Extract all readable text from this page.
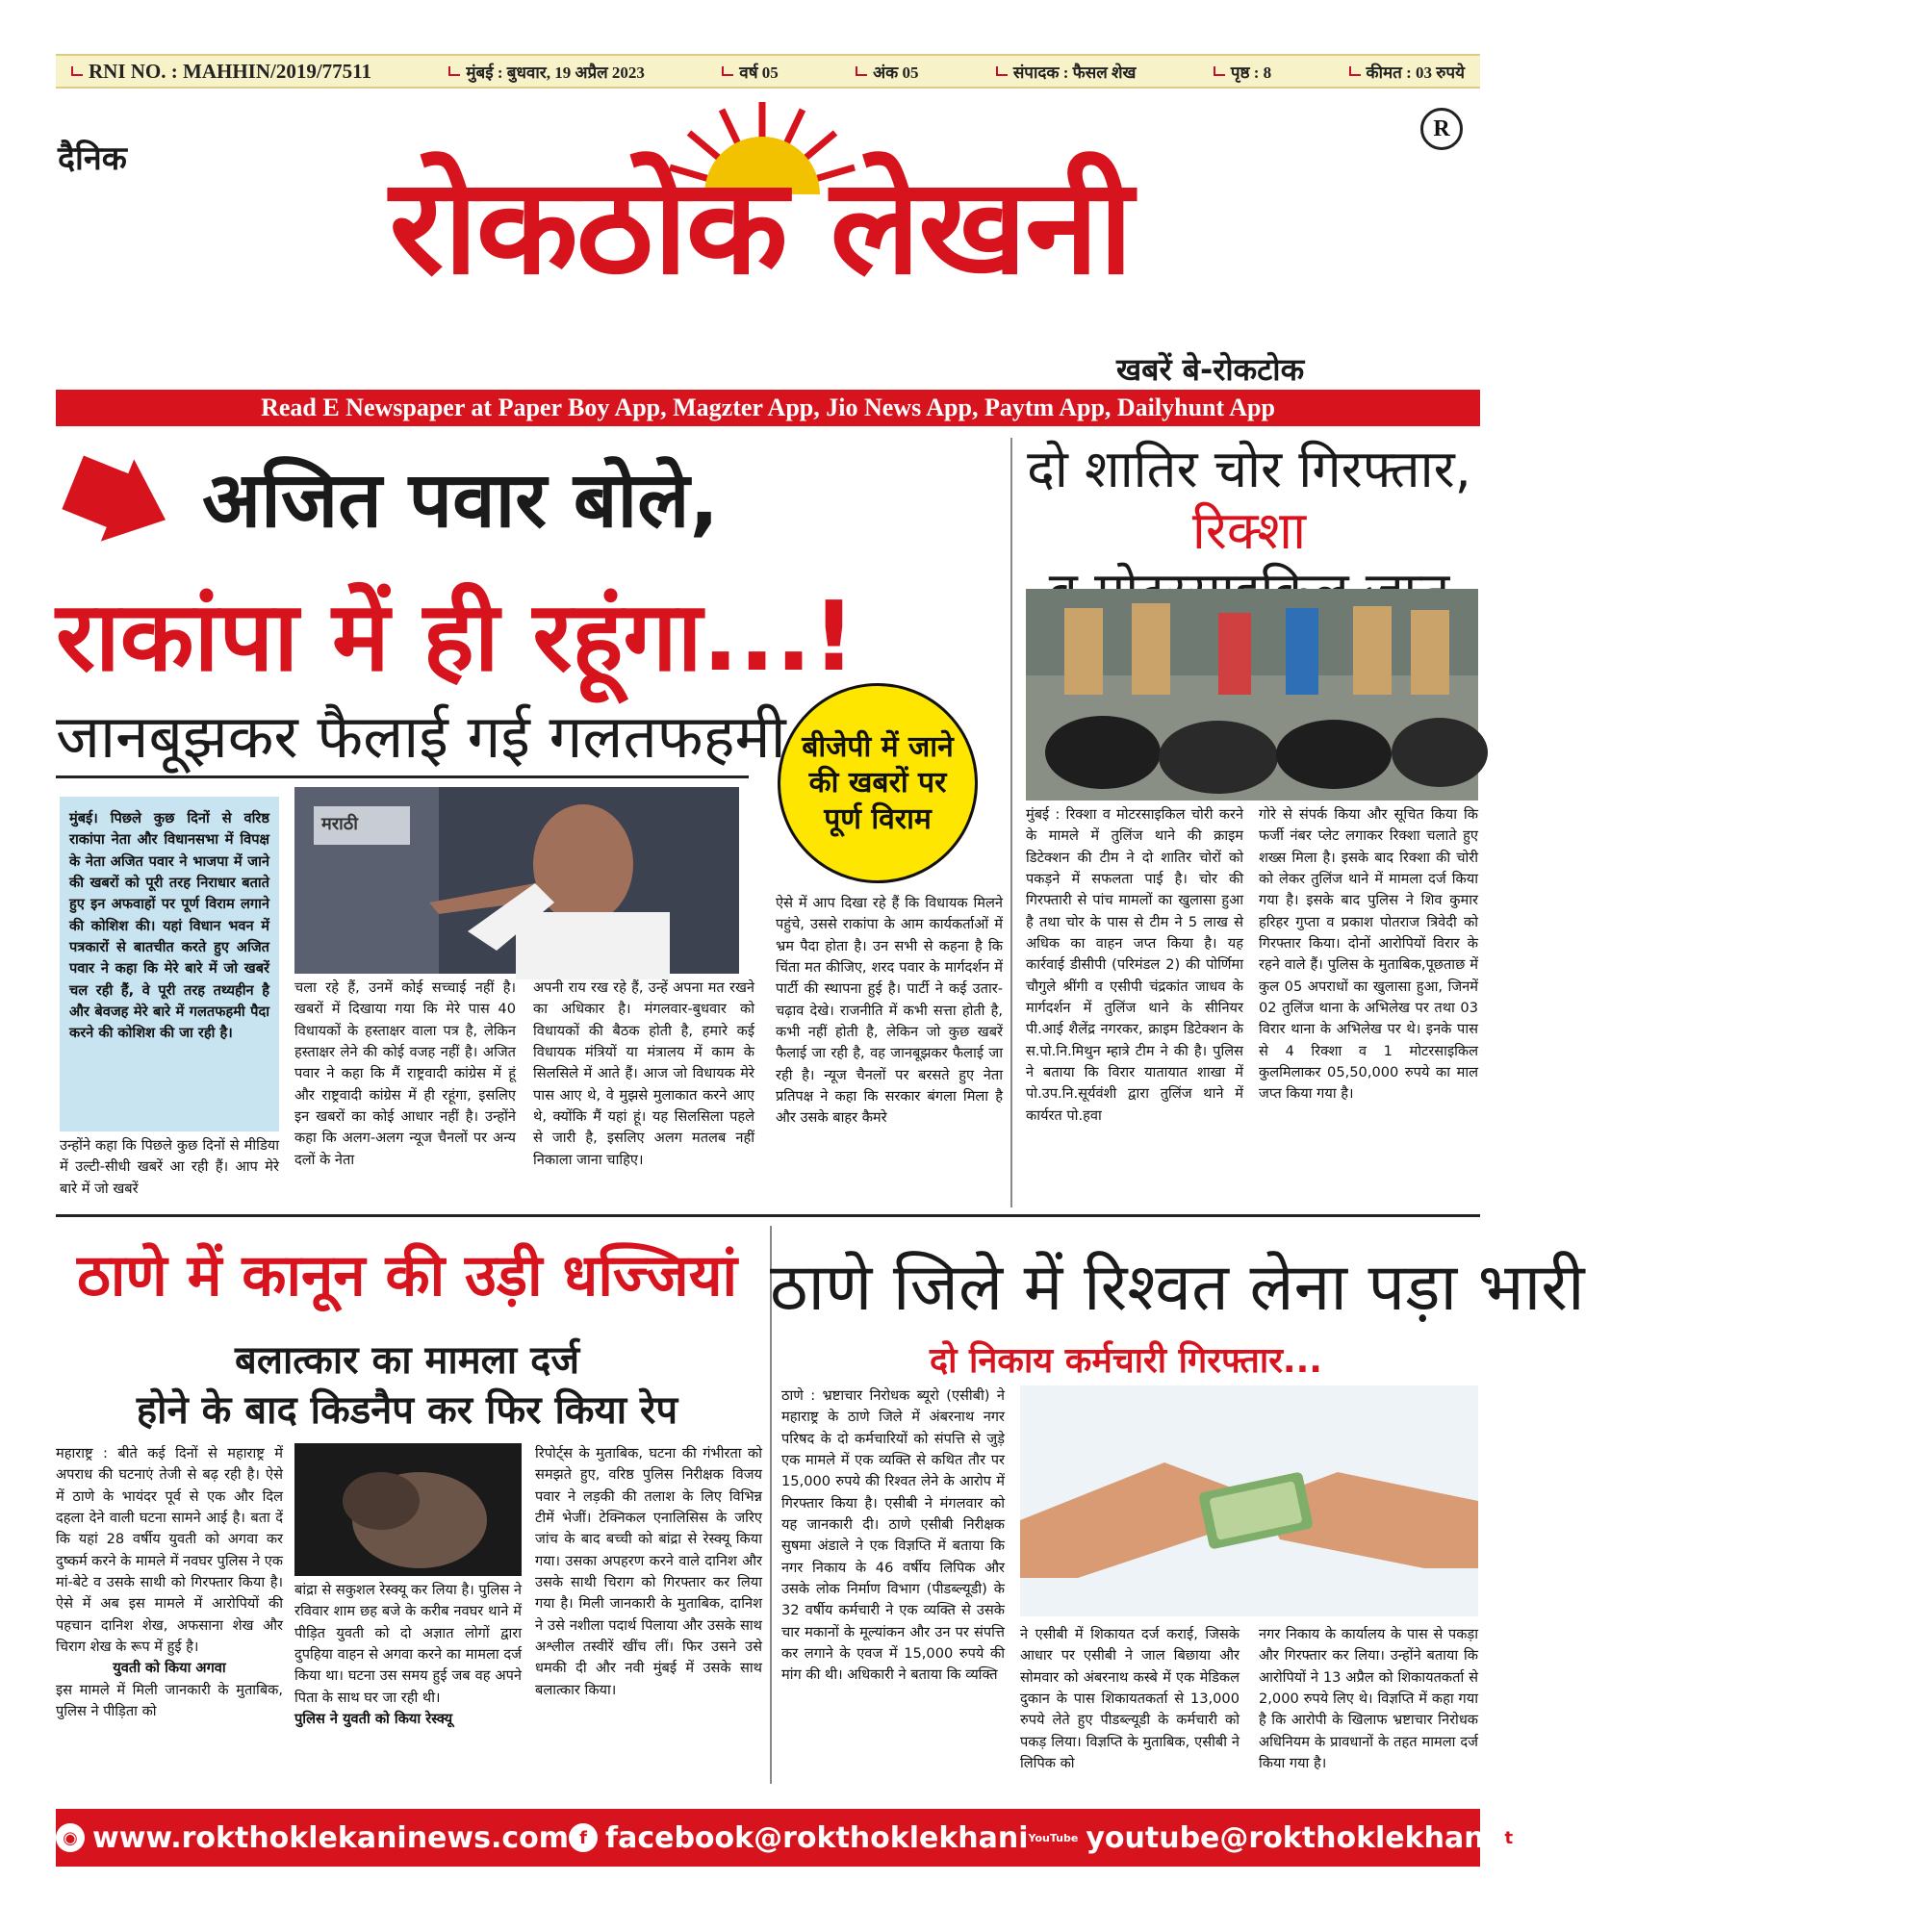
RNI NO. : MAHHIN/2019/77511	मुंबई : बुधवार, 19 अप्रैल 2023	वर्ष 05	अंक 05	संपादक : फैसल शेख	पृष्ठ : 8	कीमत : 03 रुपये
दैनिक	रोकठोक लेखनी
R
खबरें बे-रोकटोक
Read E Newspaper at Paper Boy App, Magzter App, Jio News App, Paytm App, Dailyhunt App
अजित पवार बोले,
राकांपा में ही रहूंगा...!
जानबूझकर फैलाई गई गलतफहमी बीजेपी में जाने की खबरों पर पूर्ण विराम
मुंबई। पिछले कुछ दिनों से वरिष्ठ राकांपा नेता और विधानसभा में विपक्ष के नेता अजित पवार ने भाजपा में जाने की खबरों को पूरी तरह निराधार बताते हुए इन अफवाहों पर पूर्ण विराम लगाने की कोशिश की। यहां विधान भवन में पत्रकारों से बातचीत करते हुए अजित पवार ने कहा कि मेरे बारे में जो खबरें चल रही हैं, वे पूरी तरह तथ्यहीन है और बेवजह मेरे बारे में गलतफहमी पैदा करने की कोशिश की जा रही है।
उन्होंने कहा कि पिछले कुछ दिनों से मीडिया में उल्टी-सीधी खबरें आ रही हैं। आप मेरे बारे में जो खबरें
मराठी
चला रहे हैं, उनमें कोई सच्चाई नहीं है। खबरों में दिखाया गया कि मेरे पास 40 विधायकों के हस्ताक्षर वाला पत्र है, लेकिन हस्ताक्षर लेने की कोई वजह नहीं है। अजित पवार ने कहा कि मैं राष्ट्रवादी कांग्रेस में हूं और राष्ट्रवादी कांग्रेस में ही रहूंगा, इसलिए इन खबरों का कोई आधार नहीं है। उन्होंने कहा कि अलग-अलग न्यूज चैनलों पर अन्य दलों के नेता
अपनी राय रख रहे हैं, उन्हें अपना मत रखने का अधिकार है। मंगलवार-बुधवार को विधायकों की बैठक होती है, हमारे कई विधायक मंत्रियों या मंत्रालय में काम के सिलसिले में आते हैं। आज जो विधायक मेरे पास आए थे, वे मुझसे मुलाकात करने आए थे, क्योंकि मैं यहां हूं। यह सिलसिला पहले से जारी है, इसलिए अलग मतलब नहीं निकाला जाना चाहिए।
ऐसे में आप दिखा रहे हैं कि विधायक मिलने पहुंचे, उससे राकांपा के आम कार्यकर्ताओं में भ्रम पैदा होता है। उन सभी से कहना है कि चिंता मत कीजिए, शरद पवार के मार्गदर्शन में पार्टी की स्थापना हुई है। पार्टी ने कई उतार-चढ़ाव देखे। राजनीति में कभी सत्ता होती है, कभी नहीं होती है, लेकिन जो कुछ खबरें फैलाई जा रही है, वह जानबूझकर फैलाई जा रही है। न्यूज चैनलों पर बरसते हुए नेता प्रतिपक्ष ने कहा कि सरकार बंगला मिला है और उसके बाहर कैमरे
दो शातिर चोर गिरफ्तार, रिक्शा

मुंबई : रिक्शा व मोटरसाइकिल चोरी करने के मामले में तुलिंज थाने की क्राइम डिटेक्शन की टीम ने दो शातिर चोरों को पकड़ने में सफलता पाई है। चोर की गिरफ्तारी से पांच मामलों का खुलासा हुआ है तथा चोर के पास से टीम ने 5 लाख से अधिक का वाहन जप्त किया है। यह कार्रवाई डीसीपी (परिमंडल 2) की पोर्णिमा चौगुले श्रींगी व एसीपी चंद्रकांत जाधव के मार्गदर्शन में तुलिंज थाने के सीनियर पी.आई शैलेंद्र नगरकर, क्राइम डिटेक्शन के स.पो.नि.मिथुन म्हात्रे टीम ने की है। पुलिस ने बताया कि विरार यातायात शाखा में पो.उप.नि.सूर्यवंशी द्वारा तुलिंज थाने में कार्यरत पो.हवा
गोरे से संपर्क किया और सूचित किया कि फर्जी नंबर प्लेट लगाकर रिक्शा चलाते हुए शख्स मिला है। इसके बाद रिक्शा की चोरी को लेकर तुलिंज थाने में मामला दर्ज किया गया है। इसके बाद पुलिस ने शिव कुमार हरिहर गुप्ता व प्रकाश पोतराज त्रिवेदी को गिरफ्तार किया। दोनों आरोपियों विरार के रहने वाले हैं। पुलिस के मुताबिक,पूछताछ में कुल 05 अपराधों का खुलासा हुआ, जिनमें 02 तुलिंज थाना के अभिलेख पर तथा 03 विरार थाना के अभिलेख पर थे। इनके पास से 4 रिक्शा व 1 मोटरसाइकिल कुलमिलाकर 05,50,000 रुपये का माल जप्त किया गया है।
ठाणे में कानून की उड़ी धज्जियां
बलात्कार का मामला दर्ज
होने के बाद किडनैप कर फिर किया रेप
महाराष्ट्र : बीते कई दिनों से महाराष्ट्र में अपराध की घटनाएं तेजी से बढ़ रही है। ऐसे में ठाणे के भायंदर पूर्व से एक और दिल दहला देने वाली घटना सामने आई है। बता दें कि यहां 28 वर्षीय युवती को अगवा कर दुष्कर्म करने के मामले में नवघर पुलिस ने एक मां-बेटे व उसके साथी को गिरफ्तार किया है। ऐसे में अब इस मामले में आरोपियों की पहचान दानिश शेख, अफसाना शेख और चिराग शेख के रूप में हुई है।
युवती को किया अगवा
इस मामले में मिली जानकारी के मुताबिक, पुलिस ने पीड़िता को
बांद्रा से सकुशल रेस्क्यू कर लिया है। पुलिस ने रविवार शाम छह बजे के करीब नवघर थाने में पीड़ित युवती को दो अज्ञात लोगों द्वारा दुपहिया वाहन से अगवा करने का मामला दर्ज किया था। घटना उस समय हुई जब वह अपने पिता के साथ घर जा रही थी।
पुलिस ने युवती को किया रेस्क्यू
रिपोर्ट्स के मुताबिक, घटना की गंभीरता को समझते हुए, वरिष्ठ पुलिस निरीक्षक विजय पवार ने लड़की की तलाश के लिए विभिन्न टीमें भेजीं। टेक्निकल एनालिसिस के जरिए जांच के बाद बच्ची को बांद्रा से रेस्क्यू किया गया। उसका अपहरण करने वाले दानिश और उसके साथी चिराग को गिरफ्तार कर लिया गया है। मिली जानकारी के मुताबिक, दानिश ने उसे नशीला पदार्थ पिलाया और उसके साथ अश्लील तस्वीरें खींच लीं। फिर उसने उसे धमकी दी और नवी मुंबई में उसके साथ बलात्कार किया।
ठाणे जिले में रिश्वत लेना पड़ा भारी
दो निकाय कर्मचारी गिरफ्तार...
ठाणे : भ्रष्टाचार निरोधक ब्यूरो (एसीबी) ने महाराष्ट्र के ठाणे जिले में अंबरनाथ नगर परिषद के दो कर्मचारियों को संपत्ति से जुड़े एक मामले में एक व्यक्ति से कथित तौर पर 15,000 रुपये की रिश्वत लेने के आरोप में गिरफ्तार किया है। एसीबी ने मंगलवार को यह जानकारी दी। ठाणे एसीबी निरीक्षक सुषमा अंडाले ने एक विज्ञप्ति में बताया कि नगर निकाय के 46 वर्षीय लिपिक और उसके लोक निर्माण विभाग (पीडब्ल्यूडी) के 32 वर्षीय कर्मचारी ने एक व्यक्ति से उसके चार मकानों के मूल्यांकन और उन पर संपत्ति कर लगाने के एवज में 15,000 रुपये की मांग की थी। अधिकारी ने बताया कि व्यक्ति
ने एसीबी में शिकायत दर्ज कराई, जिसके आधार पर एसीबी ने जाल बिछाया और सोमवार को अंबरनाथ कस्बे में एक मेडिकल दुकान के पास शिकायतकर्ता से 13,000 रुपये लेते हुए पीडब्ल्यूडी के कर्मचारी को पकड़ लिया। विज्ञप्ति के मुताबिक, एसीबी ने लिपिक को
नगर निकाय के कार्यालय के पास से पकड़ा और गिरफ्तार कर लिया। उन्होंने बताया कि आरोपियों ने 13 अप्रैल को शिकायतकर्ता से 2,000 रुपये लिए थे। विज्ञप्ति में कहा गया है कि आरोपी के खिलाफ भ्रष्टाचार निरोधक अधिनियम के प्रावधानों के तहत मामला दर्ज किया गया है।
◉ www.rokthoklekaninews.com f facebook@rokthoklekhani YouTube youtube@rokthoklekhani t twitter@rokthoklekhani
